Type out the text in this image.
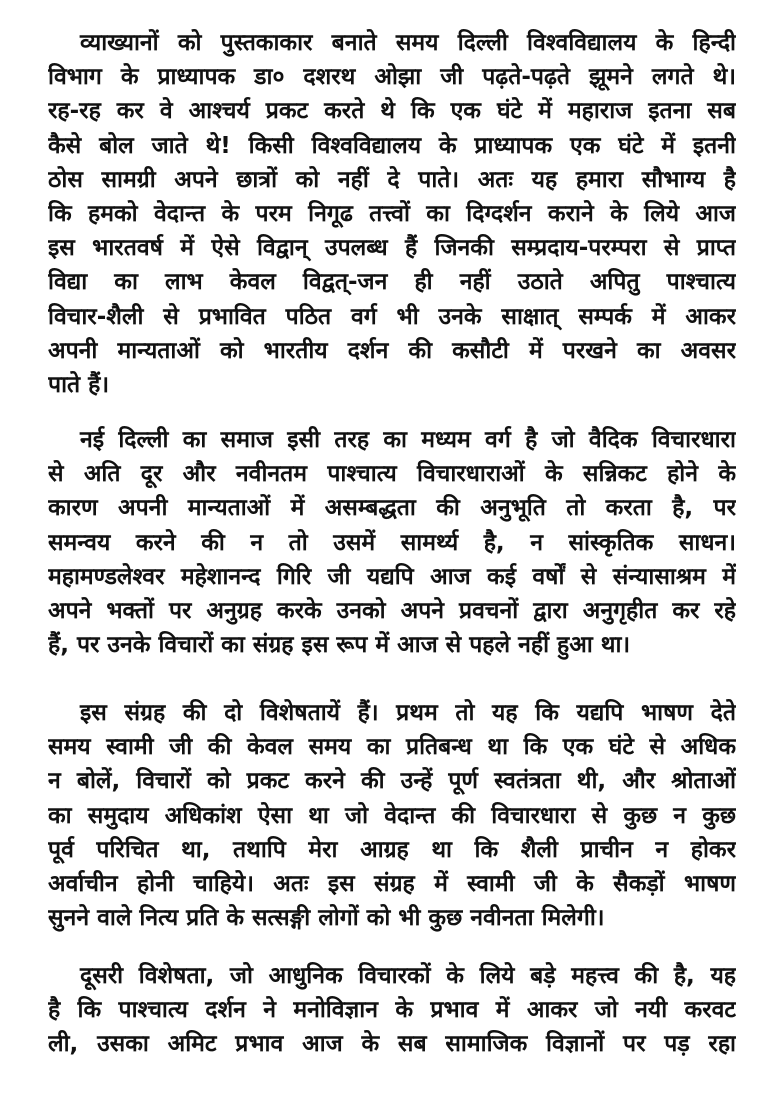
व्याख्यानों को पुस्तकाकार बनाते समय दिल्ली विश्वविद्यालय के हिन्दी
विभाग के प्राध्यापक डा० दशरथ ओझा जी पढ़ते-पढ़ते झूमने लगते थे।
रह-रह कर वे आश्चर्य प्रकट करते थे कि एक घंटे में महाराज इतना सब
कैसे बोल जाते थे! किसी विश्वविद्यालय के प्राध्यापक एक घंटे में इतनी
ठोस सामग्री अपने छात्रों को नहीं दे पाते। अतः यह हमारा सौभाग्य है
कि हमको वेदान्त के परम निगूढ तत्त्वों का दिग्दर्शन कराने के लिये आज
इस भारतवर्ष में ऐसे विद्वान् उपलब्ध हैं जिनकी सम्प्रदाय-परम्परा से प्राप्त
विद्या का लाभ केवल विद्वत्-जन ही नहीं उठाते अपितु पाश्चात्य
विचार-शैली से प्रभावित पठित वर्ग भी उनके साक्षात् सम्पर्क में आकर
अपनी मान्यताओं को भारतीय दर्शन की कसौटी में परखने का अवसर
पाते हैं।
नई दिल्ली का समाज इसी तरह का मध्यम वर्ग है जो वैदिक विचारधारा
से अति दूर और नवीनतम पाश्चात्य विचारधाराओं के सन्निकट होने के
कारण अपनी मान्यताओं में असम्बद्धता की अनुभूति तो करता है, पर
समन्वय करने की न तो उसमें सामर्थ्य है, न सांस्कृतिक साधन।
महामण्डलेश्वर महेशानन्द गिरि जी यद्यपि आज कई वर्षों से संन्यासाश्रम में
अपने भक्तों पर अनुग्रह करके उनको अपने प्रवचनों द्वारा अनुगृहीत कर रहे
हैं, पर उनके विचारों का संग्रह इस रूप में आज से पहले नहीं हुआ था।
इस संग्रह की दो विशेषतायें हैं। प्रथम तो यह कि यद्यपि भाषण देते
समय स्वामी जी की केवल समय का प्रतिबन्ध था कि एक घंटे से अधिक
न बोलें, विचारों को प्रकट करने की उन्हें पूर्ण स्वतंत्रता थी, और श्रोताओं
का समुदाय अधिकांश ऐसा था जो वेदान्त की विचारधारा से कुछ न कुछ
पूर्व परिचित था, तथापि मेरा आग्रह था कि शैली प्राचीन न होकर
अर्वाचीन होनी चाहिये। अतः इस संग्रह में स्वामी जी के सैकड़ों भाषण
सुनने वाले नित्य प्रति के सत्सङ्गी लोगों को भी कुछ नवीनता मिलेगी।
दूसरी विशेषता, जो आधुनिक विचारकों के लिये बड़े महत्त्व की है, यह
है कि पाश्चात्य दर्शन ने मनोविज्ञान के प्रभाव में आकर जो नयी करवट
ली, उसका अमिट प्रभाव आज के सब सामाजिक विज्ञानों पर पड़ रहा
